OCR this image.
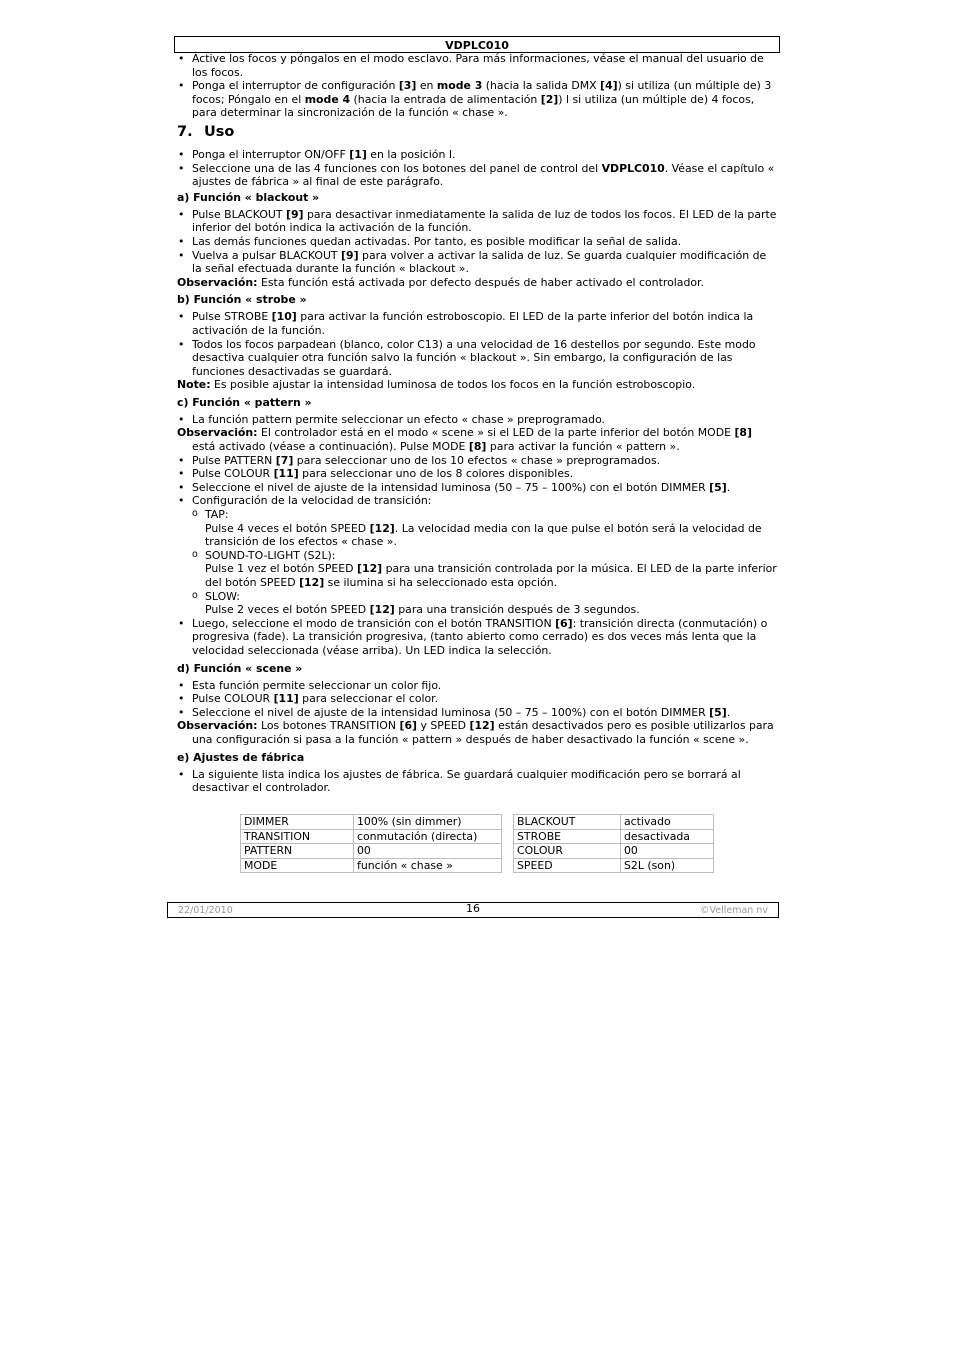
VDPLC010
• Active los focos y póngalos en el modo esclavo. Para más informaciones, véase el manual del usuario de los focos.
• Ponga el interruptor de configuración [3] en mode 3 (hacia la salida DMX [4]) si utiliza (un múltiple de) 3 focos; Póngalo en el mode 4 (hacia la entrada de alimentación [2]) l si utiliza (un múltiple de) 4 focos, para determinar la sincronización de la función « chase ».
7. Uso
• Ponga el interruptor ON/OFF [1] en la posición I.
• Seleccione una de las 4 funciones con los botones del panel de control del VDPLC010. Véase el capítulo « ajustes de fábrica » al final de este parágrafo.
a) Función « blackout »
• Pulse BLACKOUT [9] para desactivar inmediatamente la salida de luz de todos los focos. El LED de la parte inferior del botón indica la activación de la función.
• Las demás funciones quedan activadas. Por tanto, es posible modificar la señal de salida.
• Vuelva a pulsar BLACKOUT [9] para volver a activar la salida de luz. Se guarda cualquier modificación de la señal efectuada durante la función « blackout ».

Observación: Esta función está activada por defecto después de haber activado el controlador.

b) Función « strobe »
• Pulse STROBE [10] para activar la función estroboscopio. El LED de la parte inferior del botón indica la activación de la función.
• Todos los focos parpadean (blanco, color C13) a una velocidad de 16 destellos por segundo. Este modo desactiva cualquier otra función salvo la función « blackout ». Sin embargo, la configuración de las funciones desactivadas se guardará.

Note: Es posible ajustar la intensidad luminosa de todos los focos en la función estroboscopio.

c) Función « pattern »
• La función pattern permite seleccionar un efecto « chase » preprogramado.

Observación: El controlador está en el modo « scene » si el LED de la parte inferior del botón MODE [8] está activado (véase a continuación). Pulse MODE [8] para activar la función « pattern ».

• Pulse PATTERN [7] para seleccionar uno de los 10 efectos « chase » preprogramados.
• Pulse COLOUR [11] para seleccionar uno de los 8 colores disponibles.
• Seleccione el nivel de ajuste de la intensidad luminosa (50 – 75 – 100%) con el botón DIMMER [5].
• Configuración de la velocidad de transición:
o TAP:
Pulse 4 veces el botón SPEED [12]. La velocidad media con la que pulse el botón será la velocidad de transición de los efectos « chase ».
o SOUND-TO-LIGHT (S2L):
Pulse 1 vez el botón SPEED [12] para una transición controlada por la música. El LED de la parte inferior del botón SPEED [12] se ilumina si ha seleccionado esta opción.
o SLOW:
Pulse 2 veces el botón SPEED [12] para una transición después de 3 segundos.
• Luego, seleccione el modo de transición con el botón TRANSITION [6]: transición directa (conmutación) o progresiva (fade). La transición progresiva, (tanto abierto como cerrado) es dos veces más lenta que la velocidad seleccionada (véase arriba). Un LED indica la selección.
d) Función « scene »
• Esta función permite seleccionar un color fijo.
• Pulse COLOUR [11] para seleccionar el color.
• Seleccione el nivel de ajuste de la intensidad luminosa (50 – 75 – 100%) con el botón DIMMER [5].

Observación: Los botones TRANSITION [6] y SPEED [12] están desactivados pero es posible utilizarlos para una configuración si pasa a la función « pattern » después de haber desactivado la función « scene ».

e) Ajustes de fábrica
• La siguiente lista indica los ajustes de fábrica. Se guardará cualquier modificación pero se borrará al desactivar el controlador.
DIMMER	100% (sin dimmer)
TRANSITION	conmutación (directa)
PATTERN	00
MODE	función « chase »
BLACKOUT	activado
STROBE	desactivada
COLOUR	00
SPEED	S2L (son)
22/01/2010	16	©Velleman nv
